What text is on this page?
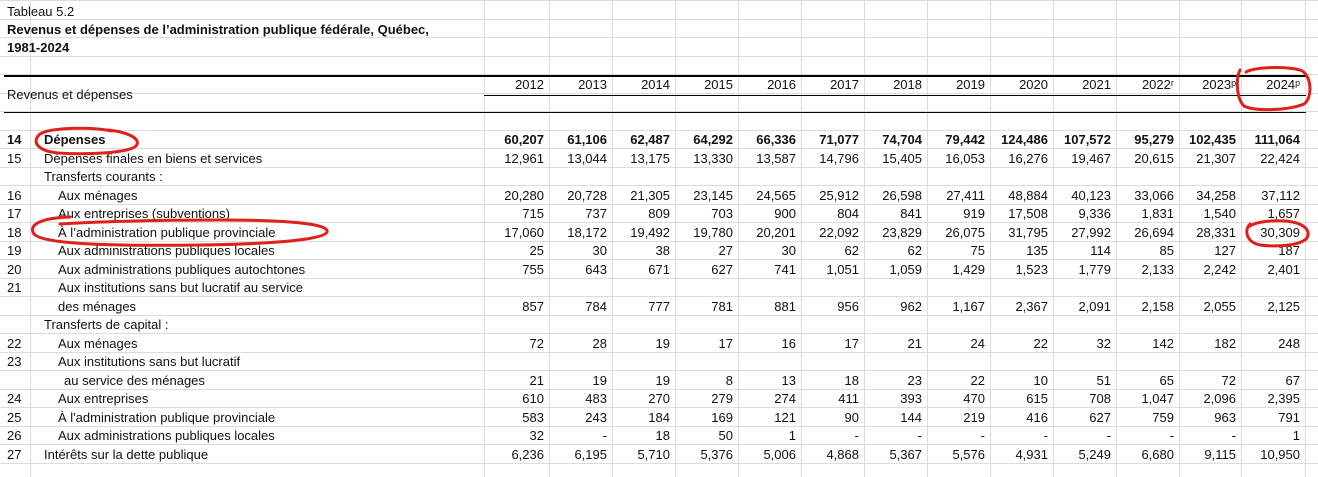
Tableau 5.2
Revenus et dépenses de l’administration publique fédérale, Québec,
1981-2024
Revenus et dépenses
2012	2013	2014	2015	2016	2017	2018	2019	2020	2021	2022ʳ	2023ᵖ	2024ᵖ
14 Dépenses	60,207	61,106	62,487	64,292	66,336	71,077	74,704	79,442	124,486	107,572	95,279	102,435	111,064
15 Dépenses finales en biens et services	12,961	13,044	13,175	13,330	13,587	14,796	15,405	16,053	16,276	19,467	20,615	21,307	22,424
Transferts courants :
16	Aux ménages	20,280	20,728	21,305	23,145	24,565	25,912	26,598	27,411	48,884	40,123	33,066	34,258	37,112
17	Aux entreprises (subventions)	715	737	809	703	900	804	841	919	17,508	9,336	1,831	1,540	1,657
18	À l’administration publique provinciale	17,060	18,172	19,492	19,780	20,201	22,092	23,829	26,075	31,795	27,992	26,694	28,331	30,309
19	Aux administrations publiques locales	25	30	38	27	30	62	62	75	135	114	85	127	187
20	Aux administrations publiques autochtones	755	643	671	627	741	1,051	1,059	1,429	1,523	1,779	2,133	2,242	2,401
21	Aux institutions sans but lucratif au service
des ménages	857	784	777	781	881	956	962	1,167	2,367	2,091	2,158	2,055	2,125
Transferts de capital :
22	Aux ménages	72	28	19	17	16	17	21	24	22	32	142	182	248
23	Aux institutions sans but lucratif
au service des ménages	21	19	19	8	13	18	23	22	10	51	65	72	67
24	Aux entreprises	610	483	270	279	274	411	393	470	615	708	1,047	2,096	2,395
25	À l'administration publique provinciale	583	243	184	169	121	90	144	219	416	627	759	963	791
26	Aux administrations publiques locales	32	-	18	50	1	-	-	-	-	-	-	-	1
27 Intérêts sur la dette publique	6,236	6,195	5,710	5,376	5,006	4,868	5,367	5,576	4,931	5,249	6,680	9,115	10,950
